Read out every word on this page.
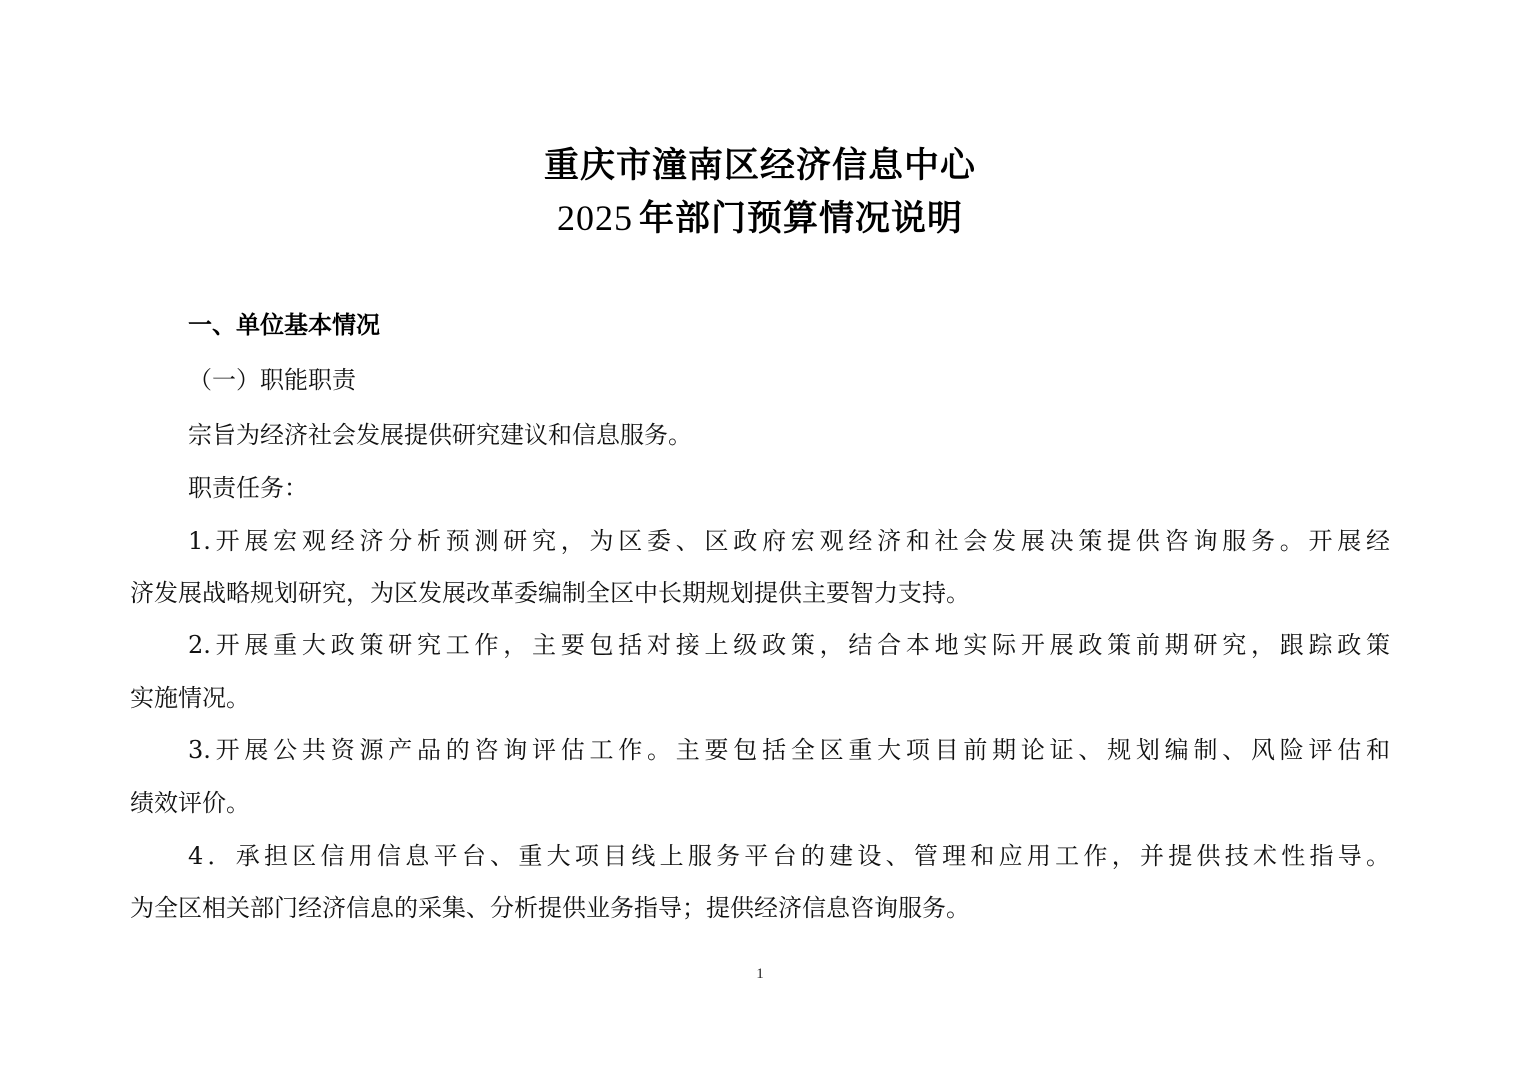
重庆市潼南区经济信息中心
2025 年部门预算情况说明
一、单位基本情况
（一）职能职责
宗旨为经济社会发展提供研究建议和信息服务。
职责任务：
1.开展宏观经济分析预测研究，为区委、区政府宏观经济和社会发展决策提供咨询服务。开展经
济发展战略规划研究，为区发展改革委编制全区中长期规划提供主要智力支持。
2.开展重大政策研究工作，主要包括对接上级政策，结合本地实际开展政策前期研究，跟踪政策
实施情况。
3.开展公共资源产品的咨询评估工作。主要包括全区重大项目前期论证、规划编制、风险评估和
绩效评价。
4．承担区信用信息平台、重大项目线上服务平台的建设、管理和应用工作，并提供技术性指导。
为全区相关部门经济信息的采集、分析提供业务指导；提供经济信息咨询服务。
1
